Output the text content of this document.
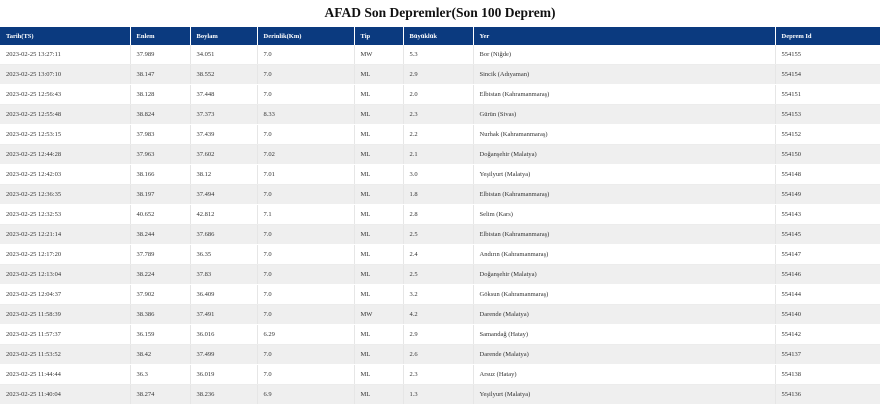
AFAD Son Depremler(Son 100 Deprem)
Tarih(TS)	Enlem	Boylam	Derinlik(Km)	Tip	Büyüklük	Yer	Deprem Id
2023-02-25 13:27:11	37.989	34.051	7.0	MW	5.3	Bor (Niğde)	554155
2023-02-25 13:07:10	38.147	38.552	7.0	ML	2.9	Sincik (Adıyaman)	554154
2023-02-25 12:56:43	38.128	37.448	7.0	ML	2.0	Elbistan (Kahramanmaraş)	554151
2023-02-25 12:55:48	38.824	37.373	8.33	ML	2.3	Gürün (Sivas)	554153
2023-02-25 12:53:15	37.983	37.439	7.0	ML	2.2	Nurhak (Kahramanmaraş)	554152
2023-02-25 12:44:28	37.963	37.602	7.02	ML	2.1	Doğanşehir (Malatya)	554150
2023-02-25 12:42:03	38.166	38.12	7.01	ML	3.0	Yeşilyurt (Malatya)	554148
2023-02-25 12:36:35	38.197	37.494	7.0	ML	1.8	Elbistan (Kahramanmaraş)	554149
2023-02-25 12:32:53	40.652	42.812	7.1	ML	2.8	Selim (Kars)	554143
2023-02-25 12:21:14	38.244	37.686	7.0	ML	2.5	Elbistan (Kahramanmaraş)	554145
2023-02-25 12:17:20	37.789	36.35	7.0	ML	2.4	Andırın (Kahramanmaraş)	554147
2023-02-25 12:13:04	38.224	37.83	7.0	ML	2.5	Doğanşehir (Malatya)	554146
2023-02-25 12:04:37	37.902	36.409	7.0	ML	3.2	Göksun (Kahramanmaraş)	554144
2023-02-25 11:58:39	38.386	37.491	7.0	MW	4.2	Darende (Malatya)	554140
2023-02-25 11:57:37	36.159	36.016	6.29	ML	2.9	Samandağ (Hatay)	554142
2023-02-25 11:53:52	38.42	37.499	7.0	ML	2.6	Darende (Malatya)	554137
2023-02-25 11:44:44	36.3	36.019	7.0	ML	2.3	Arsuz (Hatay)	554138
2023-02-25 11:40:04	38.274	38.236	6.9	ML	1.3	Yeşilyurt (Malatya)	554136
